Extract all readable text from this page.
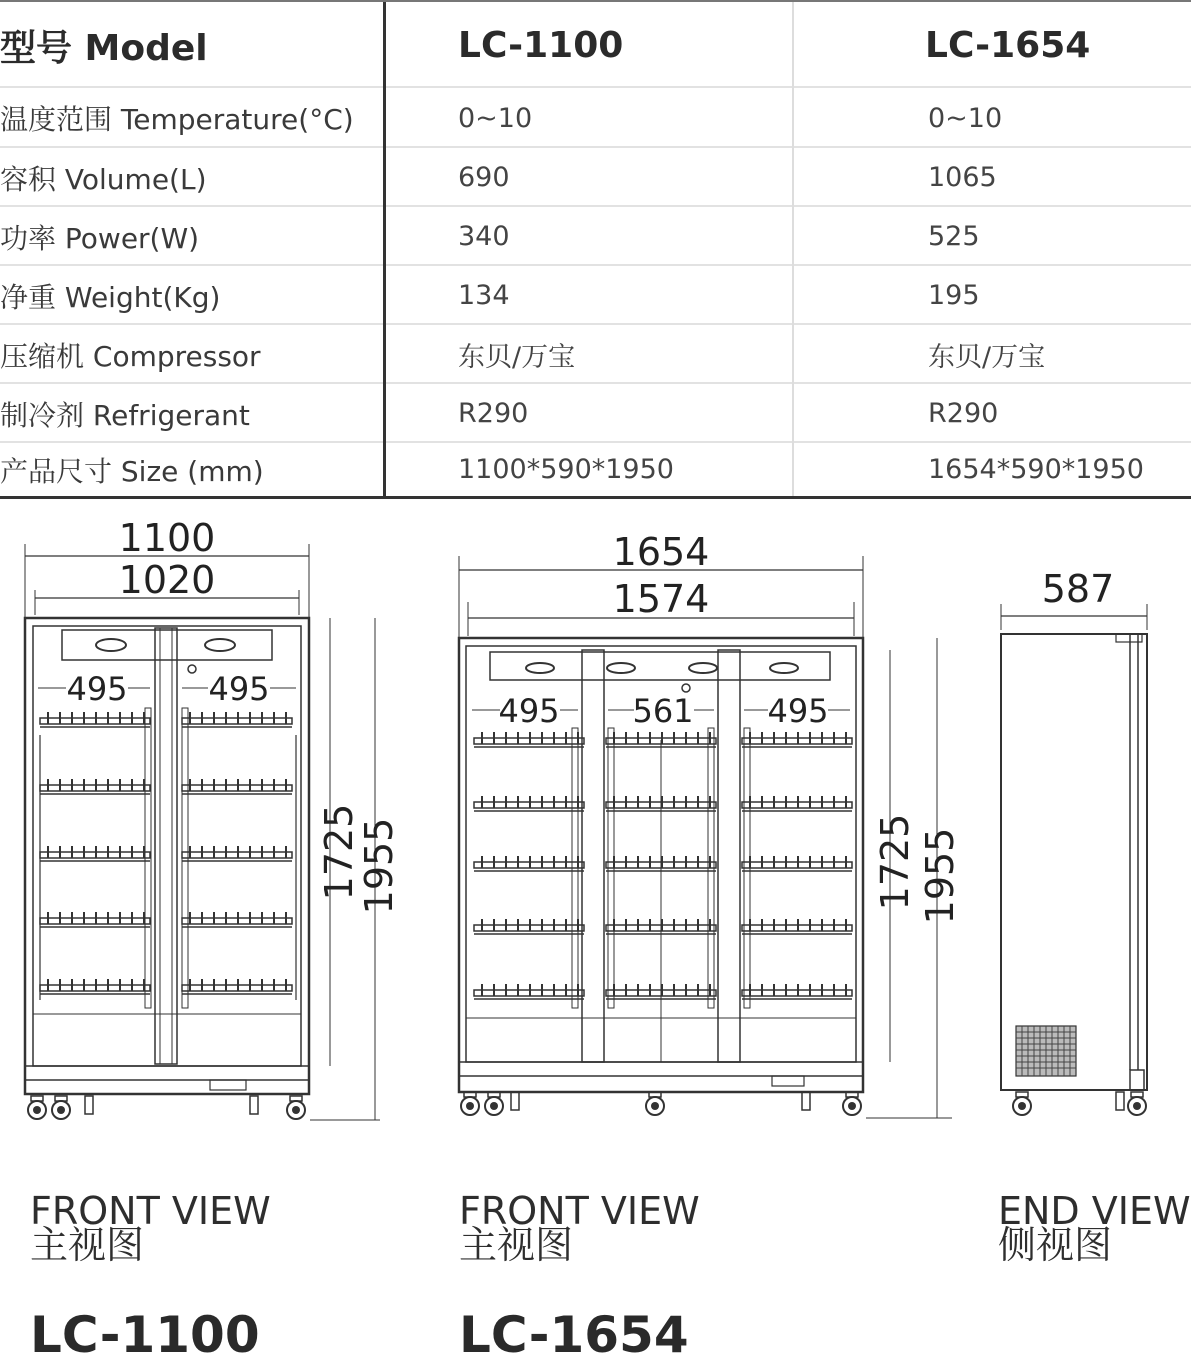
型号 Model	LC-1100	LC-1654
温度范围 Temperature(°C)	0~10	0~10
容积 Volume(L)	690	1065
功率 Power(W)	340	525
净重 Weight(Kg)	134	195
压缩机 Compressor	东贝/万宝	东贝/万宝
制冷剂 Refrigerant	R290	R290
产品尺寸 Size (mm)	1100*590*1950	1654*590*1950
1100
1020
495	495
1725
1955
1654
1574
495 561 495
1725 1955
587
FRONT VIEW
主视图
LC-1100
FRONT VIEW
主视图
LC-1654
END VIEW
侧视图
